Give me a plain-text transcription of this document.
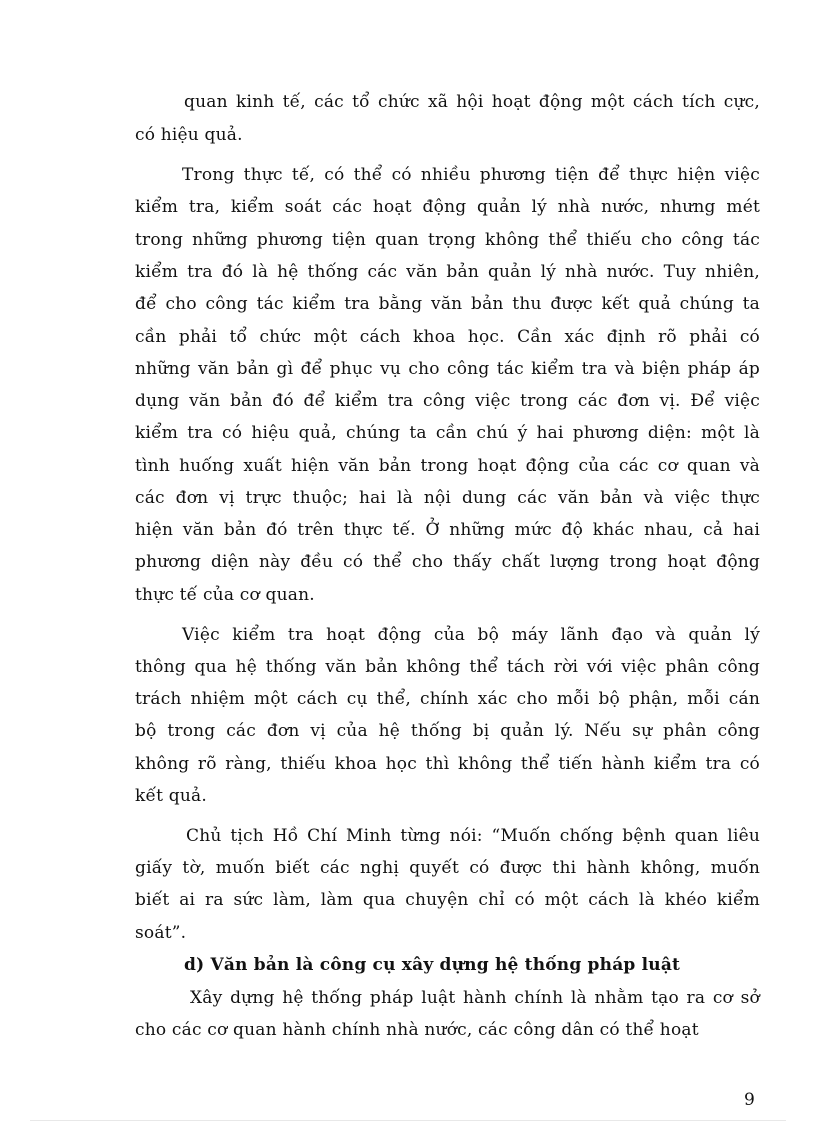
quan kinh tế, các tổ chức xã hội hoạt động một cách tích cực,
có hiệu quả.
Trong thực tế, có thể có nhiều phương tiện để thực hiện việc
kiểm tra, kiểm soát các hoạt động quản lý nhà nước, nhưng mét
trong những phương tiện quan trọng không thể thiếu cho công tác
kiểm tra đó là hệ thống các văn bản quản lý nhà nước. Tuy nhiên,
để cho công tác kiểm tra bằng văn bản thu được kết quả chúng ta
cần phải tổ chức một cách khoa học. Cần xác định rõ phải có
những văn bản gì để phục vụ cho công tác kiểm tra và biện pháp áp
dụng văn bản đó để kiểm tra công việc trong các đơn vị. Để việc
kiểm tra có hiệu quả, chúng ta cần chú ý hai phương diện: một là
tình huống xuất hiện văn bản trong hoạt động của các cơ quan và
các đơn vị trực thuộc; hai là nội dung các văn bản và việc thực
hiện văn bản đó trên thực tế. Ở những mức độ khác nhau, cả hai
phương diện này đều có thể cho thấy chất lượng trong hoạt động
thực tế của cơ quan.
Việc kiểm tra hoạt động của bộ máy lãnh đạo và quản lý
thông qua hệ thống văn bản không thể tách rời với việc phân công
trách nhiệm một cách cụ thể, chính xác cho mỗi bộ phận, mỗi cán
bộ trong các đơn vị của hệ thống bị quản lý. Nếu sự phân công
không rõ ràng, thiếu khoa học thì không thể tiến hành kiểm tra có
kết quả.
Chủ tịch Hồ Chí Minh từng nói: “Muốn chống bệnh quan liêu
giấy tờ, muốn biết các nghị quyết có được thi hành không, muốn
biết ai ra sức làm, làm qua chuyện chỉ có một cách là khéo kiểm
soát”.
d) Văn bản là công cụ xây dựng hệ thống pháp luật
Xây dựng hệ thống pháp luật hành chính là nhằm tạo ra cơ sở
cho các cơ quan hành chính nhà nước, các công dân có thể hoạt
9
